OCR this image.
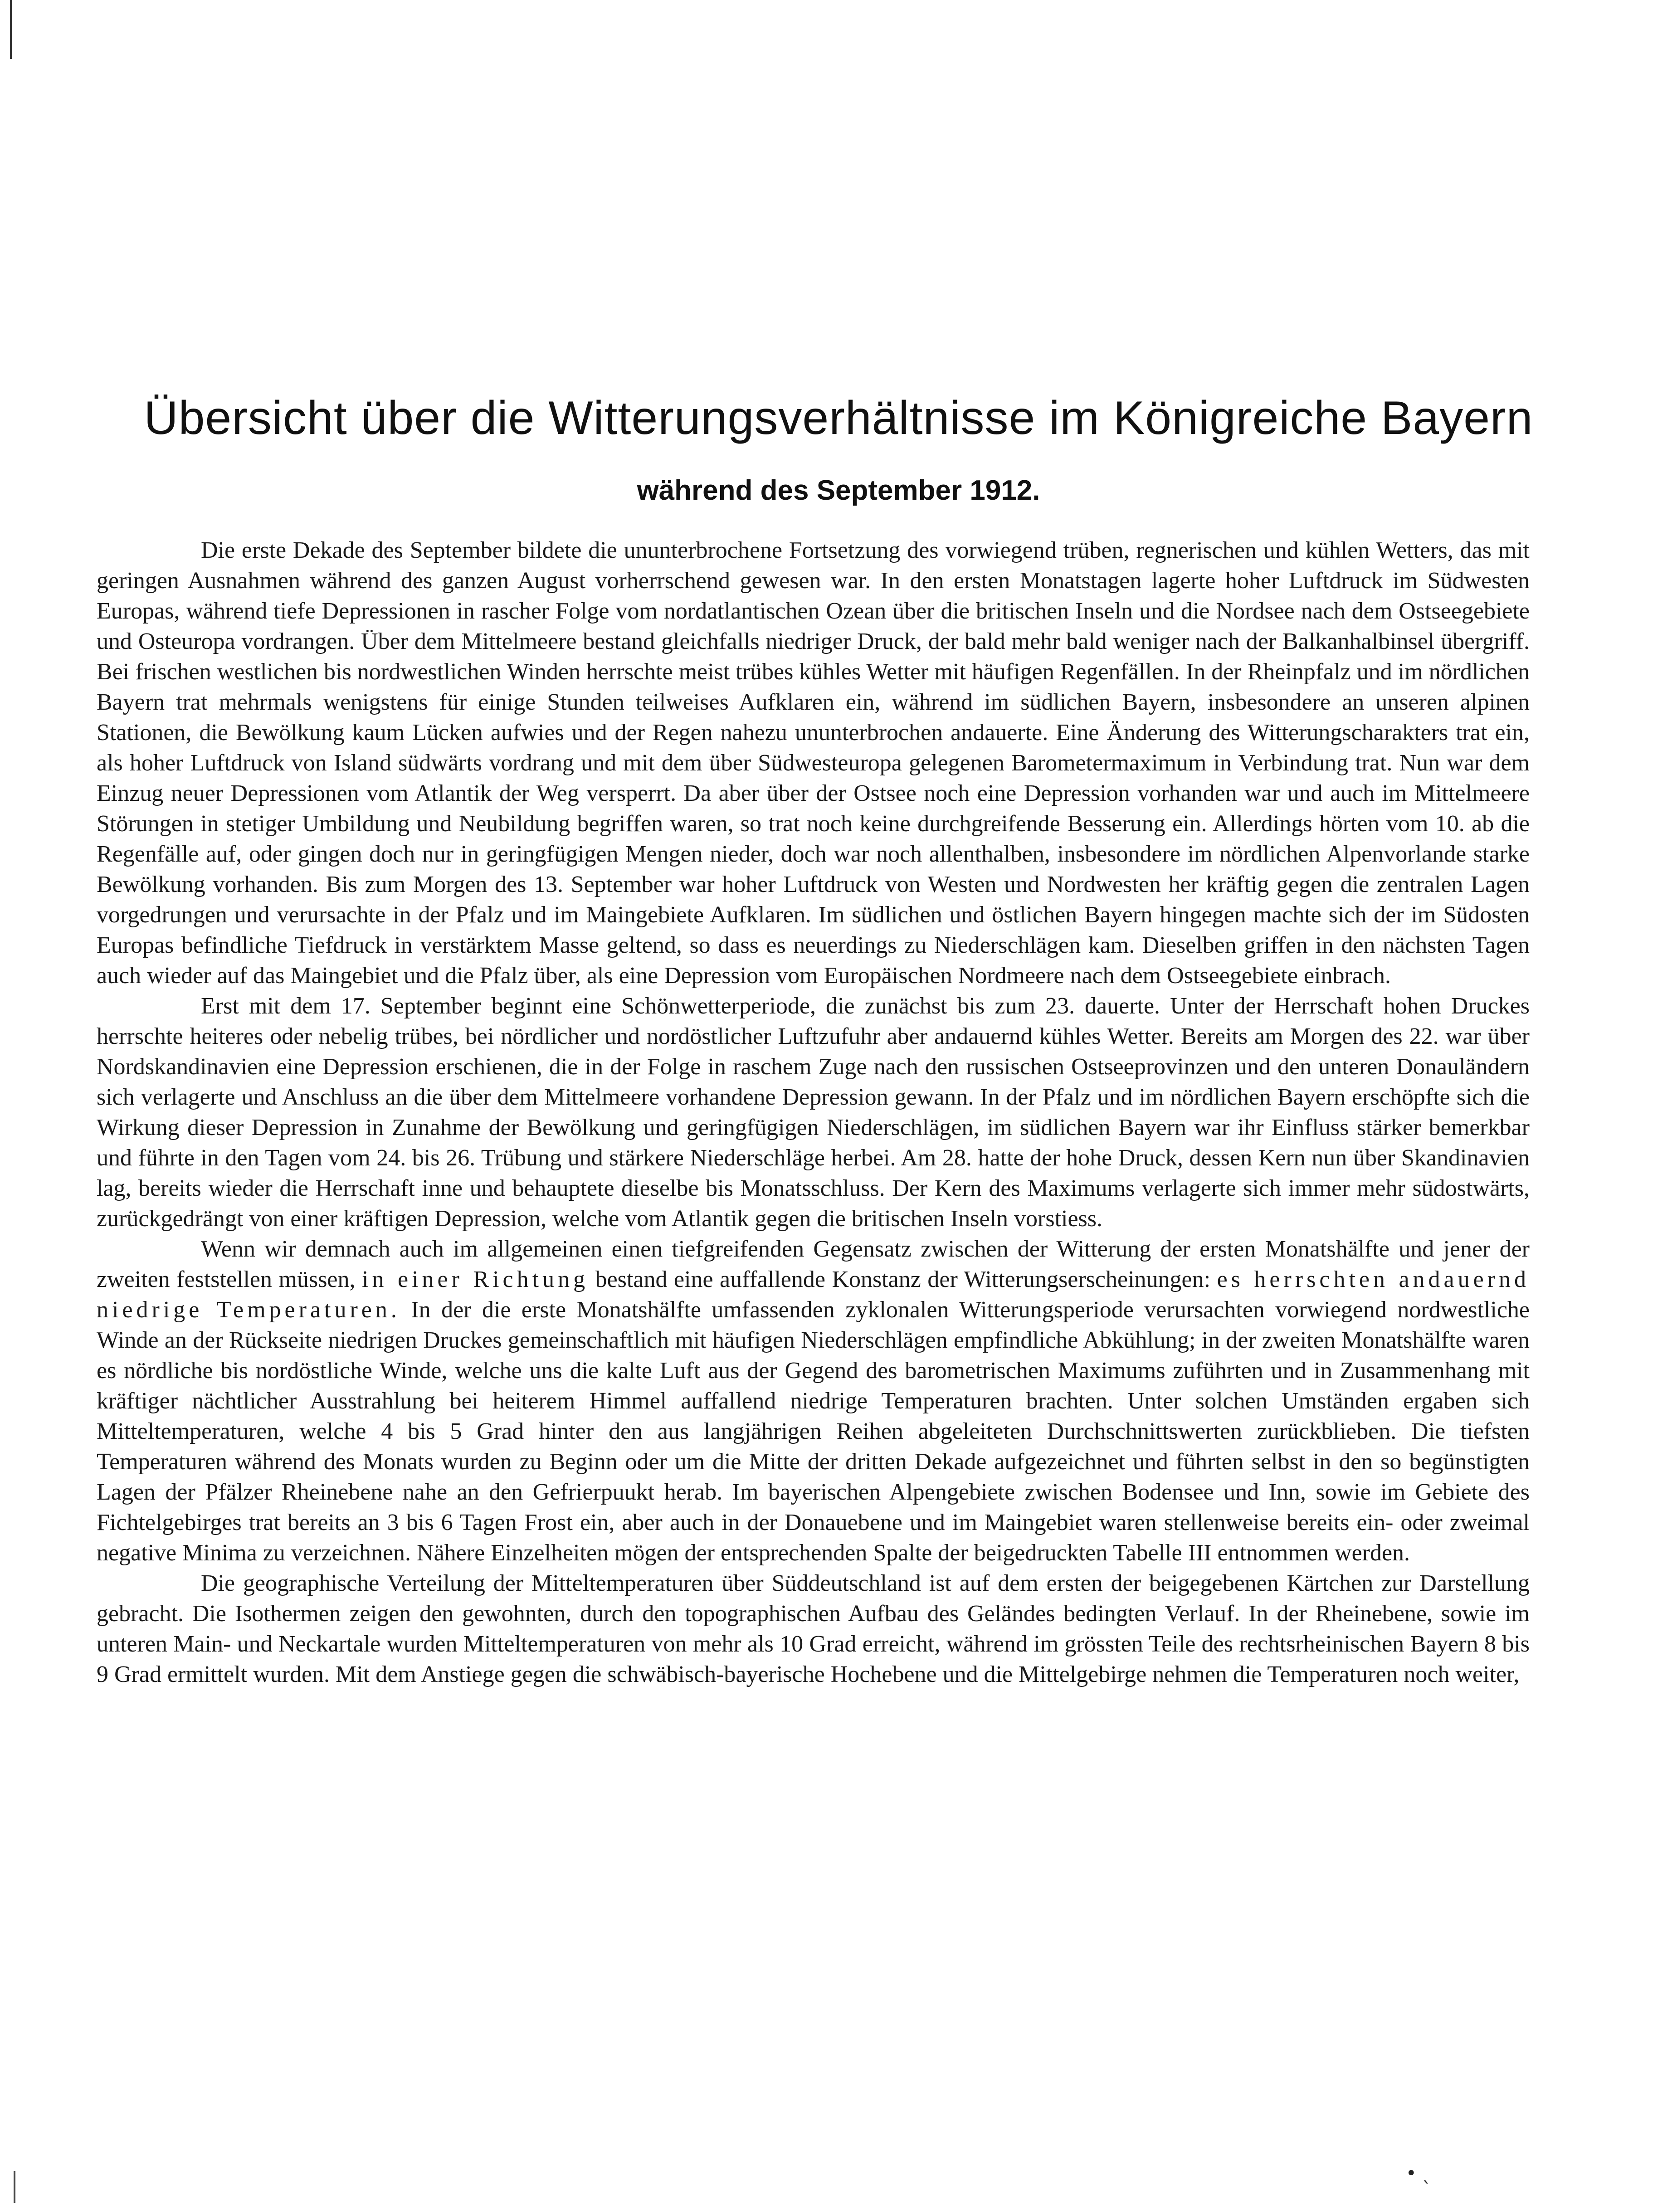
Übersicht über die Witterungsverhältnisse im Königreiche Bayern
während des September 1912.

Die erste Dekade des September bildete die ununterbrochene Fortsetzung des vorwiegend trüben, regnerischen und kühlen Wetters, das mit geringen Ausnahmen während des ganzen August vorherrschend gewesen war. In den ersten Monatstagen lagerte hoher Luftdruck im Südwesten Europas, während tiefe Depressionen in rascher Folge vom nordatlantischen Ozean über die britischen Inseln und die Nordsee nach dem Ostseegebiete und Osteuropa vordrangen. Über dem Mittelmeere bestand gleichfalls niedriger Druck, der bald mehr bald weniger nach der Balkanhalbinsel übergriff. Bei frischen westlichen bis nordwestlichen Winden herrschte meist trübes kühles Wetter mit häufigen Regenfällen. In der Rheinpfalz und im nördlichen Bayern trat mehrmals wenigstens für einige Stunden teilweises Aufklaren ein, während im südlichen Bayern, insbesondere an unseren alpinen Stationen, die Bewölkung kaum Lücken aufwies und der Regen nahezu ununterbrochen andauerte. Eine Änderung des Witterungscharakters trat ein, als hoher Luftdruck von Island südwärts vordrang und mit dem über Südwesteuropa gelegenen Barometermaximum in Verbindung trat. Nun war dem Einzug neuer Depressionen vom Atlantik der Weg versperrt. Da aber über der Ostsee noch eine Depression vorhanden war und auch im Mittelmeere Störungen in stetiger Umbildung und Neubildung begriffen waren, so trat noch keine durchgreifende Besserung ein. Allerdings hörten vom 10. ab die Regenfälle auf, oder gingen doch nur in geringfügigen Mengen nieder, doch war noch allenthalben, insbesondere im nördlichen Alpenvorlande starke Bewölkung vorhanden. Bis zum Morgen des 13. September war hoher Luftdruck von Westen und Nordwesten her kräftig gegen die zentralen Lagen vorgedrungen und verursachte in der Pfalz und im Maingebiete Aufklaren. Im südlichen und östlichen Bayern hingegen machte sich der im Südosten Europas befindliche Tiefdruck in verstärktem Masse geltend, so dass es neuerdings zu Niederschlägen kam. Dieselben griffen in den nächsten Tagen auch wieder auf das Maingebiet und die Pfalz über, als eine Depression vom Europäischen Nordmeere nach dem Ostseegebiete einbrach.

Erst mit dem 17. September beginnt eine Schönwetterperiode, die zunächst bis zum 23. dauerte. Unter der Herrschaft hohen Druckes herrschte heiteres oder nebelig trübes, bei nördlicher und nordöstlicher Luftzufuhr aber andauernd kühles Wetter. Bereits am Morgen des 22. war über Nordskandinavien eine Depression erschienen, die in der Folge in raschem Zuge nach den russischen Ostseeprovinzen und den unteren Donauländern sich verlagerte und Anschluss an die über dem Mittelmeere vorhandene Depression gewann. In der Pfalz und im nördlichen Bayern erschöpfte sich die Wirkung dieser Depression in Zunahme der Bewölkung und geringfügigen Niederschlägen, im südlichen Bayern war ihr Einfluss stärker bemerkbar und führte in den Tagen vom 24. bis 26. Trübung und stärkere Niederschläge herbei. Am 28. hatte der hohe Druck, dessen Kern nun über Skandinavien lag, bereits wieder die Herrschaft inne und behauptete dieselbe bis Monatsschluss. Der Kern des Maximums verlagerte sich immer mehr südostwärts, zurückgedrängt von einer kräftigen Depression, welche vom Atlantik gegen die britischen Inseln vorstiess.

Wenn wir demnach auch im allgemeinen einen tiefgreifenden Gegensatz zwischen der Witterung der ersten Monatshälfte und jener der zweiten feststellen müssen, in einer Richtung bestand eine auffallende Konstanz der Witterungserscheinungen: es herrschten andauernd niedrige Temperaturen. In der die erste Monatshälfte umfassenden zyklonalen Witterungsperiode verursachten vorwiegend nordwestliche Winde an der Rückseite niedrigen Druckes gemeinschaftlich mit häufigen Niederschlägen empfindliche Abkühlung; in der zweiten Monatshälfte waren es nördliche bis nordöstliche Winde, welche uns die kalte Luft aus der Gegend des barometrischen Maximums zuführten und in Zusammenhang mit kräftiger nächtlicher Ausstrahlung bei heiterem Himmel auffallend niedrige Temperaturen brachten. Unter solchen Umständen ergaben sich Mitteltemperaturen, welche 4 bis 5 Grad hinter den aus langjährigen Reihen abgeleiteten Durchschnittswerten zurückblieben. Die tiefsten Temperaturen während des Monats wurden zu Beginn oder um die Mitte der dritten Dekade aufgezeichnet und führten selbst in den so begünstigten Lagen der Pfälzer Rheinebene nahe an den Gefrierpuukt herab. Im bayerischen Alpengebiete zwischen Bodensee und Inn, sowie im Gebiete des Fichtelgebirges trat bereits an 3 bis 6 Tagen Frost ein, aber auch in der Donauebene und im Maingebiet waren stellenweise bereits ein- oder zweimal negative Minima zu verzeichnen. Nähere Einzelheiten mögen der entsprechenden Spalte der beigedruckten Tabelle III entnommen werden.

Die geographische Verteilung der Mitteltemperaturen über Süddeutschland ist auf dem ersten der beigegebenen Kärtchen zur Darstellung gebracht. Die Isothermen zeigen den gewohnten, durch den topographischen Aufbau des Geländes bedingten Verlauf. In der Rheinebene, sowie im unteren Main- und Neckartale wurden Mitteltemperaturen von mehr als 10 Grad erreicht, während im grössten Teile des rechtsrheinischen Bayern 8 bis 9 Grad ermittelt wurden. Mit dem Anstiege gegen die schwäbisch-bayerische Hochebene und die Mittelgebirge nehmen die Temperaturen noch weiter,

• ˎ
